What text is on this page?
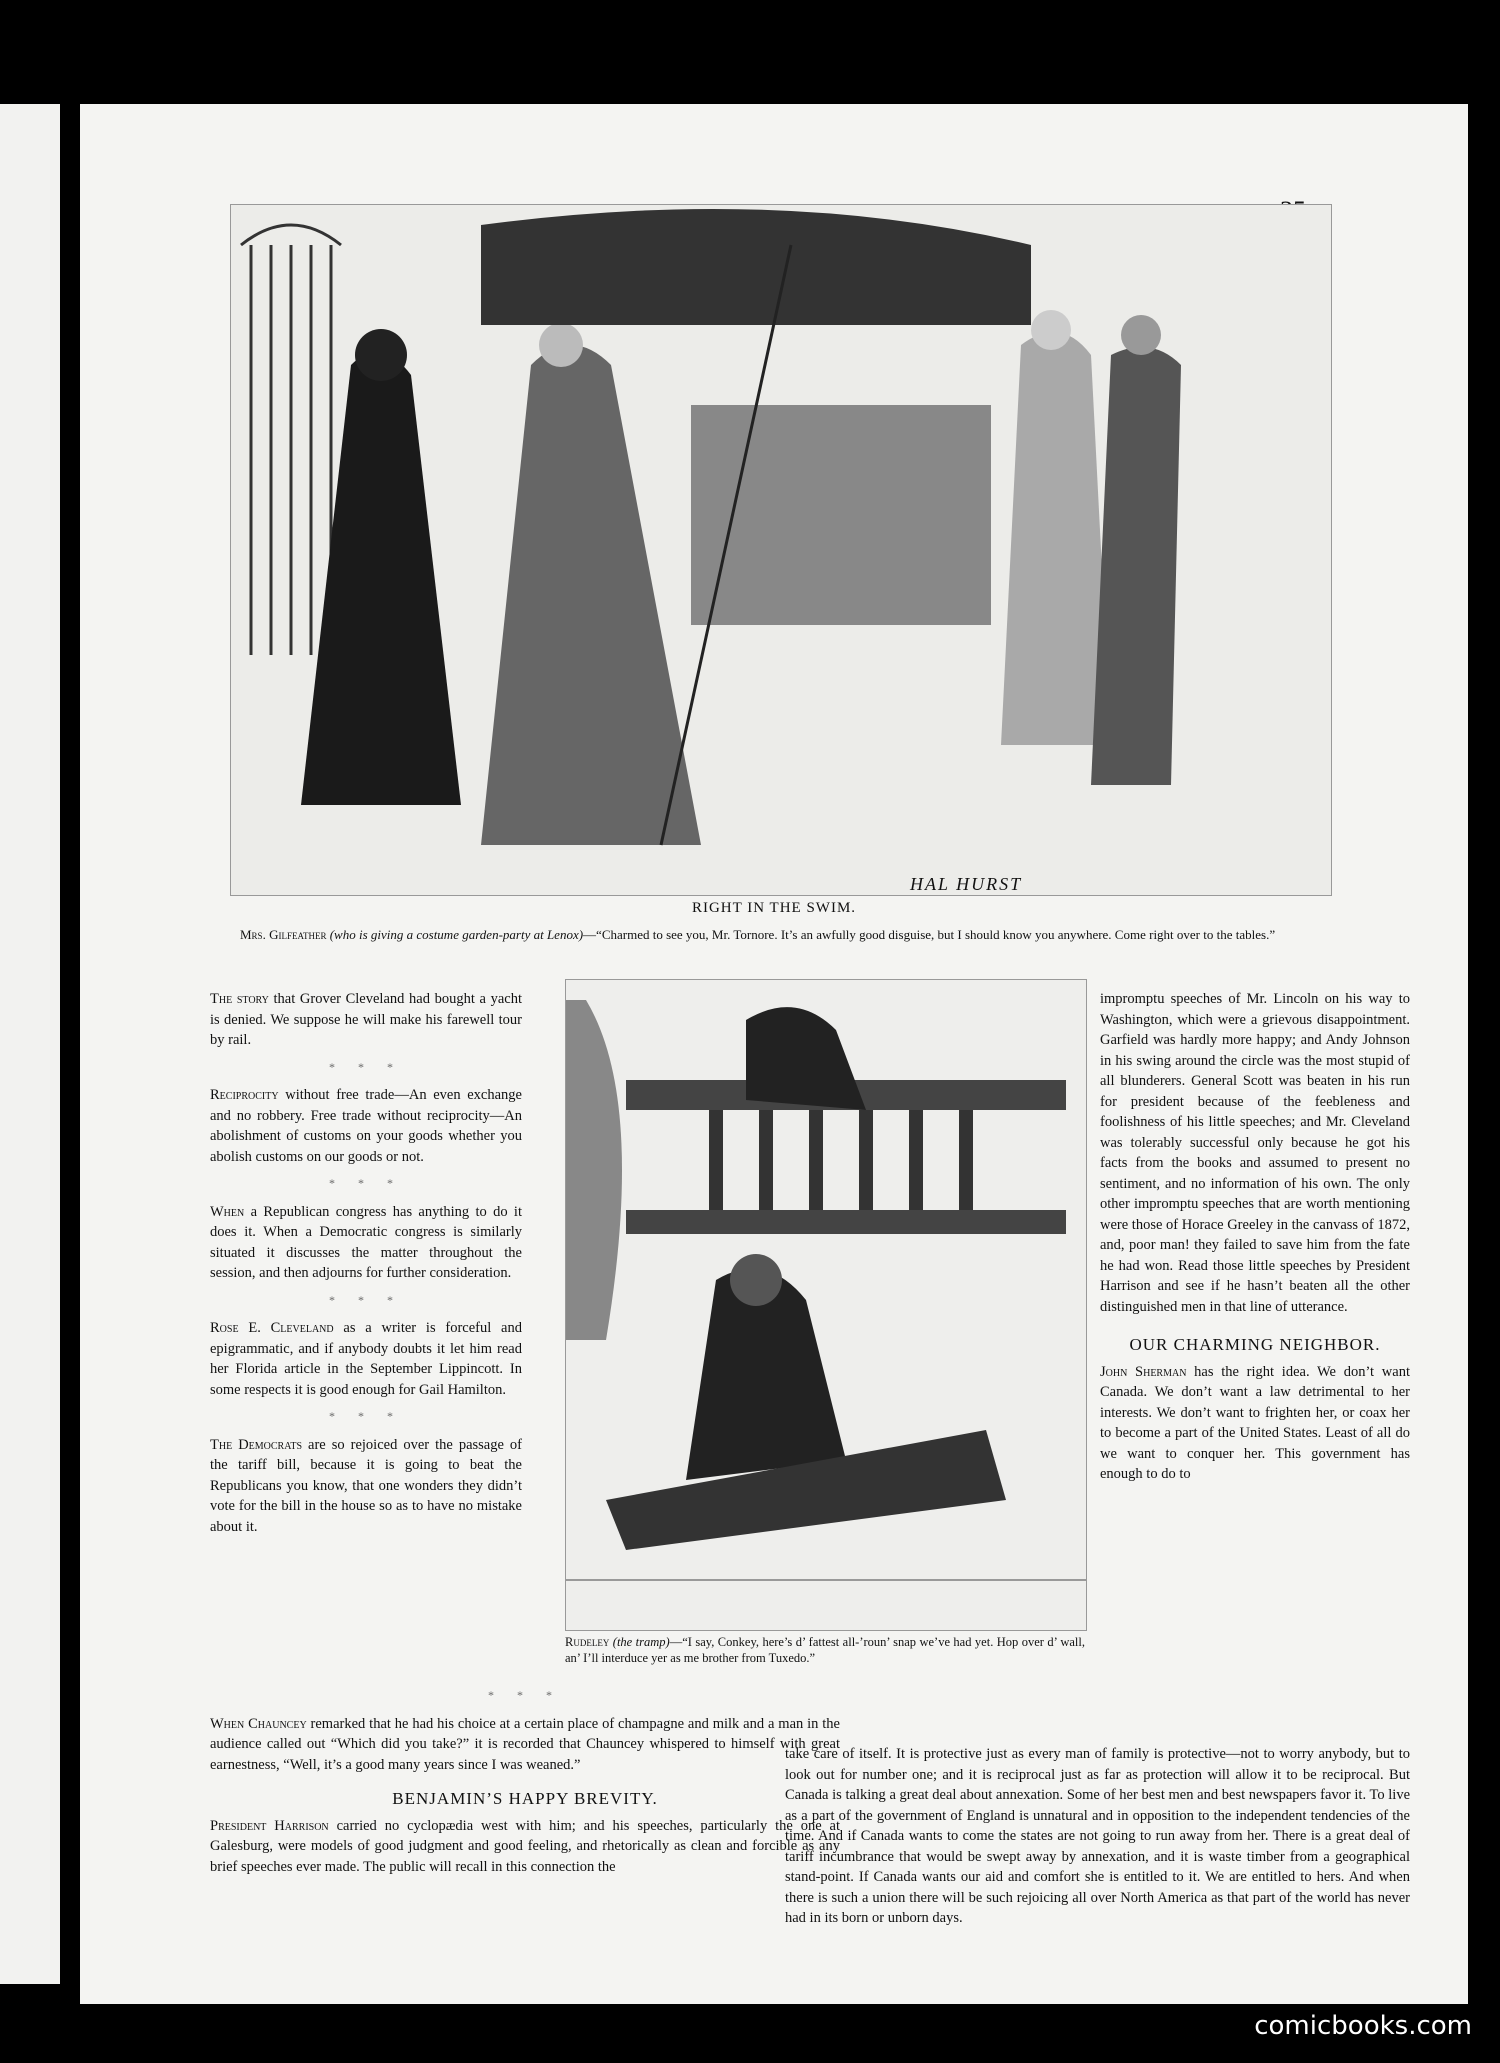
HAL HURST
RIGHT IN THE SWIM.
Mrs. Gilfeather (who is giving a costume garden-party at Lenox)—“Charmed to see you, Mr. Tornore. It’s an awfully good disguise, but I should know you anywhere. Come right over to the tables.”

The story that Grover Cleveland had bought a yacht is denied. We suppose he will make his farewell tour by rail.

* * *

Reciprocity without free trade—An even exchange and no robbery. Free trade without reciprocity—An abolishment of customs on your goods whether you abolish customs on our goods or not.

* * *

When a Republican congress has anything to do it does it. When a Democratic congress is similarly situated it discusses the matter throughout the session, and then adjourns for further consideration.

* * *

Rose E. Cleveland as a writer is forceful and epigrammatic, and if anybody doubts it let him read her Florida article in the September Lippincott. In some respects it is good enough for Gail Hamilton.

* * *

The Democrats are so rejoiced over the passage of the tariff bill, because it is going to beat the Republicans you know, that one wonders they didn’t vote for the bill in the house so as to have no mistake about it.

Rudeley (the tramp)—“I say, Conkey, here’s d’ fattest all-’roun’ snap we’ve had yet. Hop over d’ wall, an’ I’ll interduce yer as me brother from Tuxedo.”

impromptu speeches of Mr. Lincoln on his way to Washington, which were a grievous disappointment. Garfield was hardly more happy; and Andy Johnson in his swing around the circle was the most stupid of all blunderers. General Scott was beaten in his run for president because of the feebleness and foolishness of his little speeches; and Mr. Cleveland was tolerably successful only because he got his facts from the books and assumed to present no sentiment, and no information of his own. The only other impromptu speeches that are worth mentioning were those of Horace Greeley in the canvass of 1872, and, poor man! they failed to save him from the fate he had won. Read those little speeches by President Harrison and see if he hasn’t beaten all the other distinguished men in that line of utterance.

OUR CHARMING NEIGHBOR.

John Sherman has the right idea. We don’t want Canada. We don’t want a law detrimental to her interests. We don’t want to frighten her, or coax her to become a part of the United States. Least of all do we want to conquer her. This government has enough to do to

* * *

When Chauncey remarked that he had his choice at a certain place of champagne and milk and a man in the audience called out “Which did you take?” it is recorded that Chauncey whispered to himself with great earnestness, “Well, it’s a good many years since I was weaned.”

BENJAMIN’S HAPPY BREVITY.

President Harrison carried no cyclopædia west with him; and his speeches, particularly the one at Galesburg, were models of good judgment and good feeling, and rhetorically as clean and forcible as any brief speeches ever made. The public will recall in this connection the

take care of itself. It is protective just as every man of family is protective—not to worry anybody, but to look out for number one; and it is reciprocal just as far as protection will allow it to be reciprocal. But Canada is talking a great deal about annexation. Some of her best men and best newspapers favor it. To live as a part of the government of England is unnatural and in opposition to the independent tendencies of the time. And if Canada wants to come the states are not going to run away from her. There is a great deal of tariff incumbrance that would be swept away by annexation, and it is waste timber from a geographical stand-point. If Canada wants our aid and comfort she is entitled to it. We are entitled to hers. And when there is such a union there will be such rejoicing all over North America as that part of the world has never had in its born or unborn days.

comicbooks.com
